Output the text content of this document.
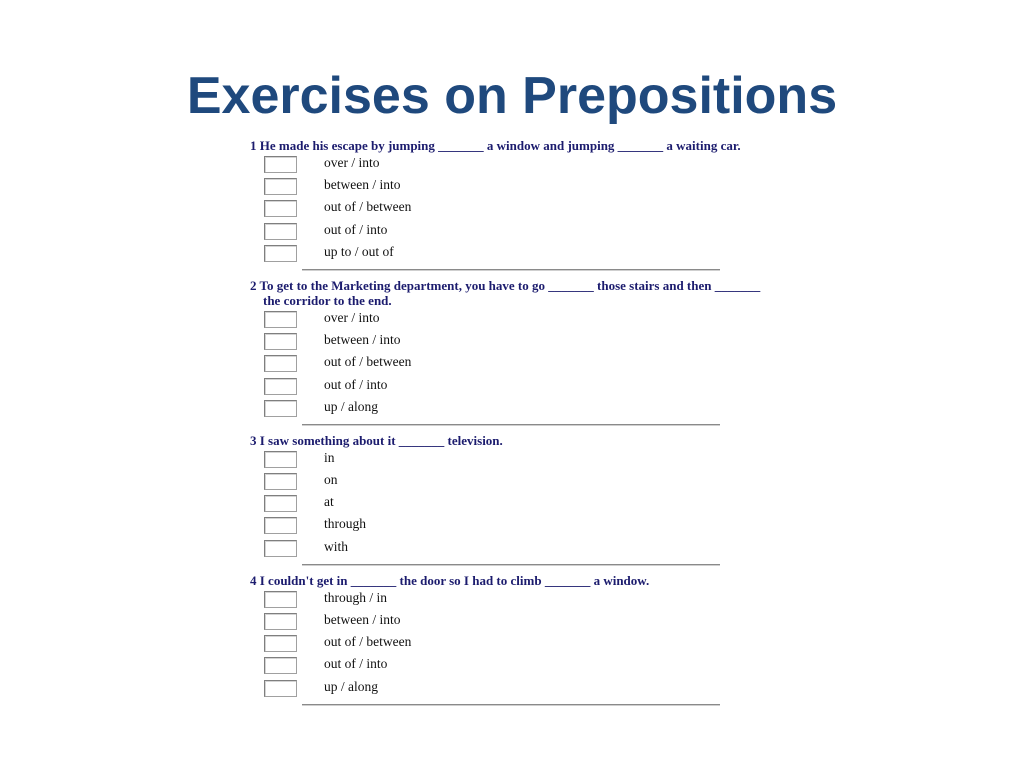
Exercises on Prepositions
1 He made his escape by jumping _______ a window and jumping _______ a waiting car.
over / into
between / into
out of / between
out of / into
up to / out of
2 To get to the Marketing department, you have to go _______ those stairs and then _______ the corridor to the end.
over / into
between / into
out of / between
out of / into
up / along
3 I saw something about it _______ television.
in
on
at
through
with
4 I couldn't get in _______ the door so I had to climb _______ a window.
through / in
between / into
out of / between
out of / into
up / along
